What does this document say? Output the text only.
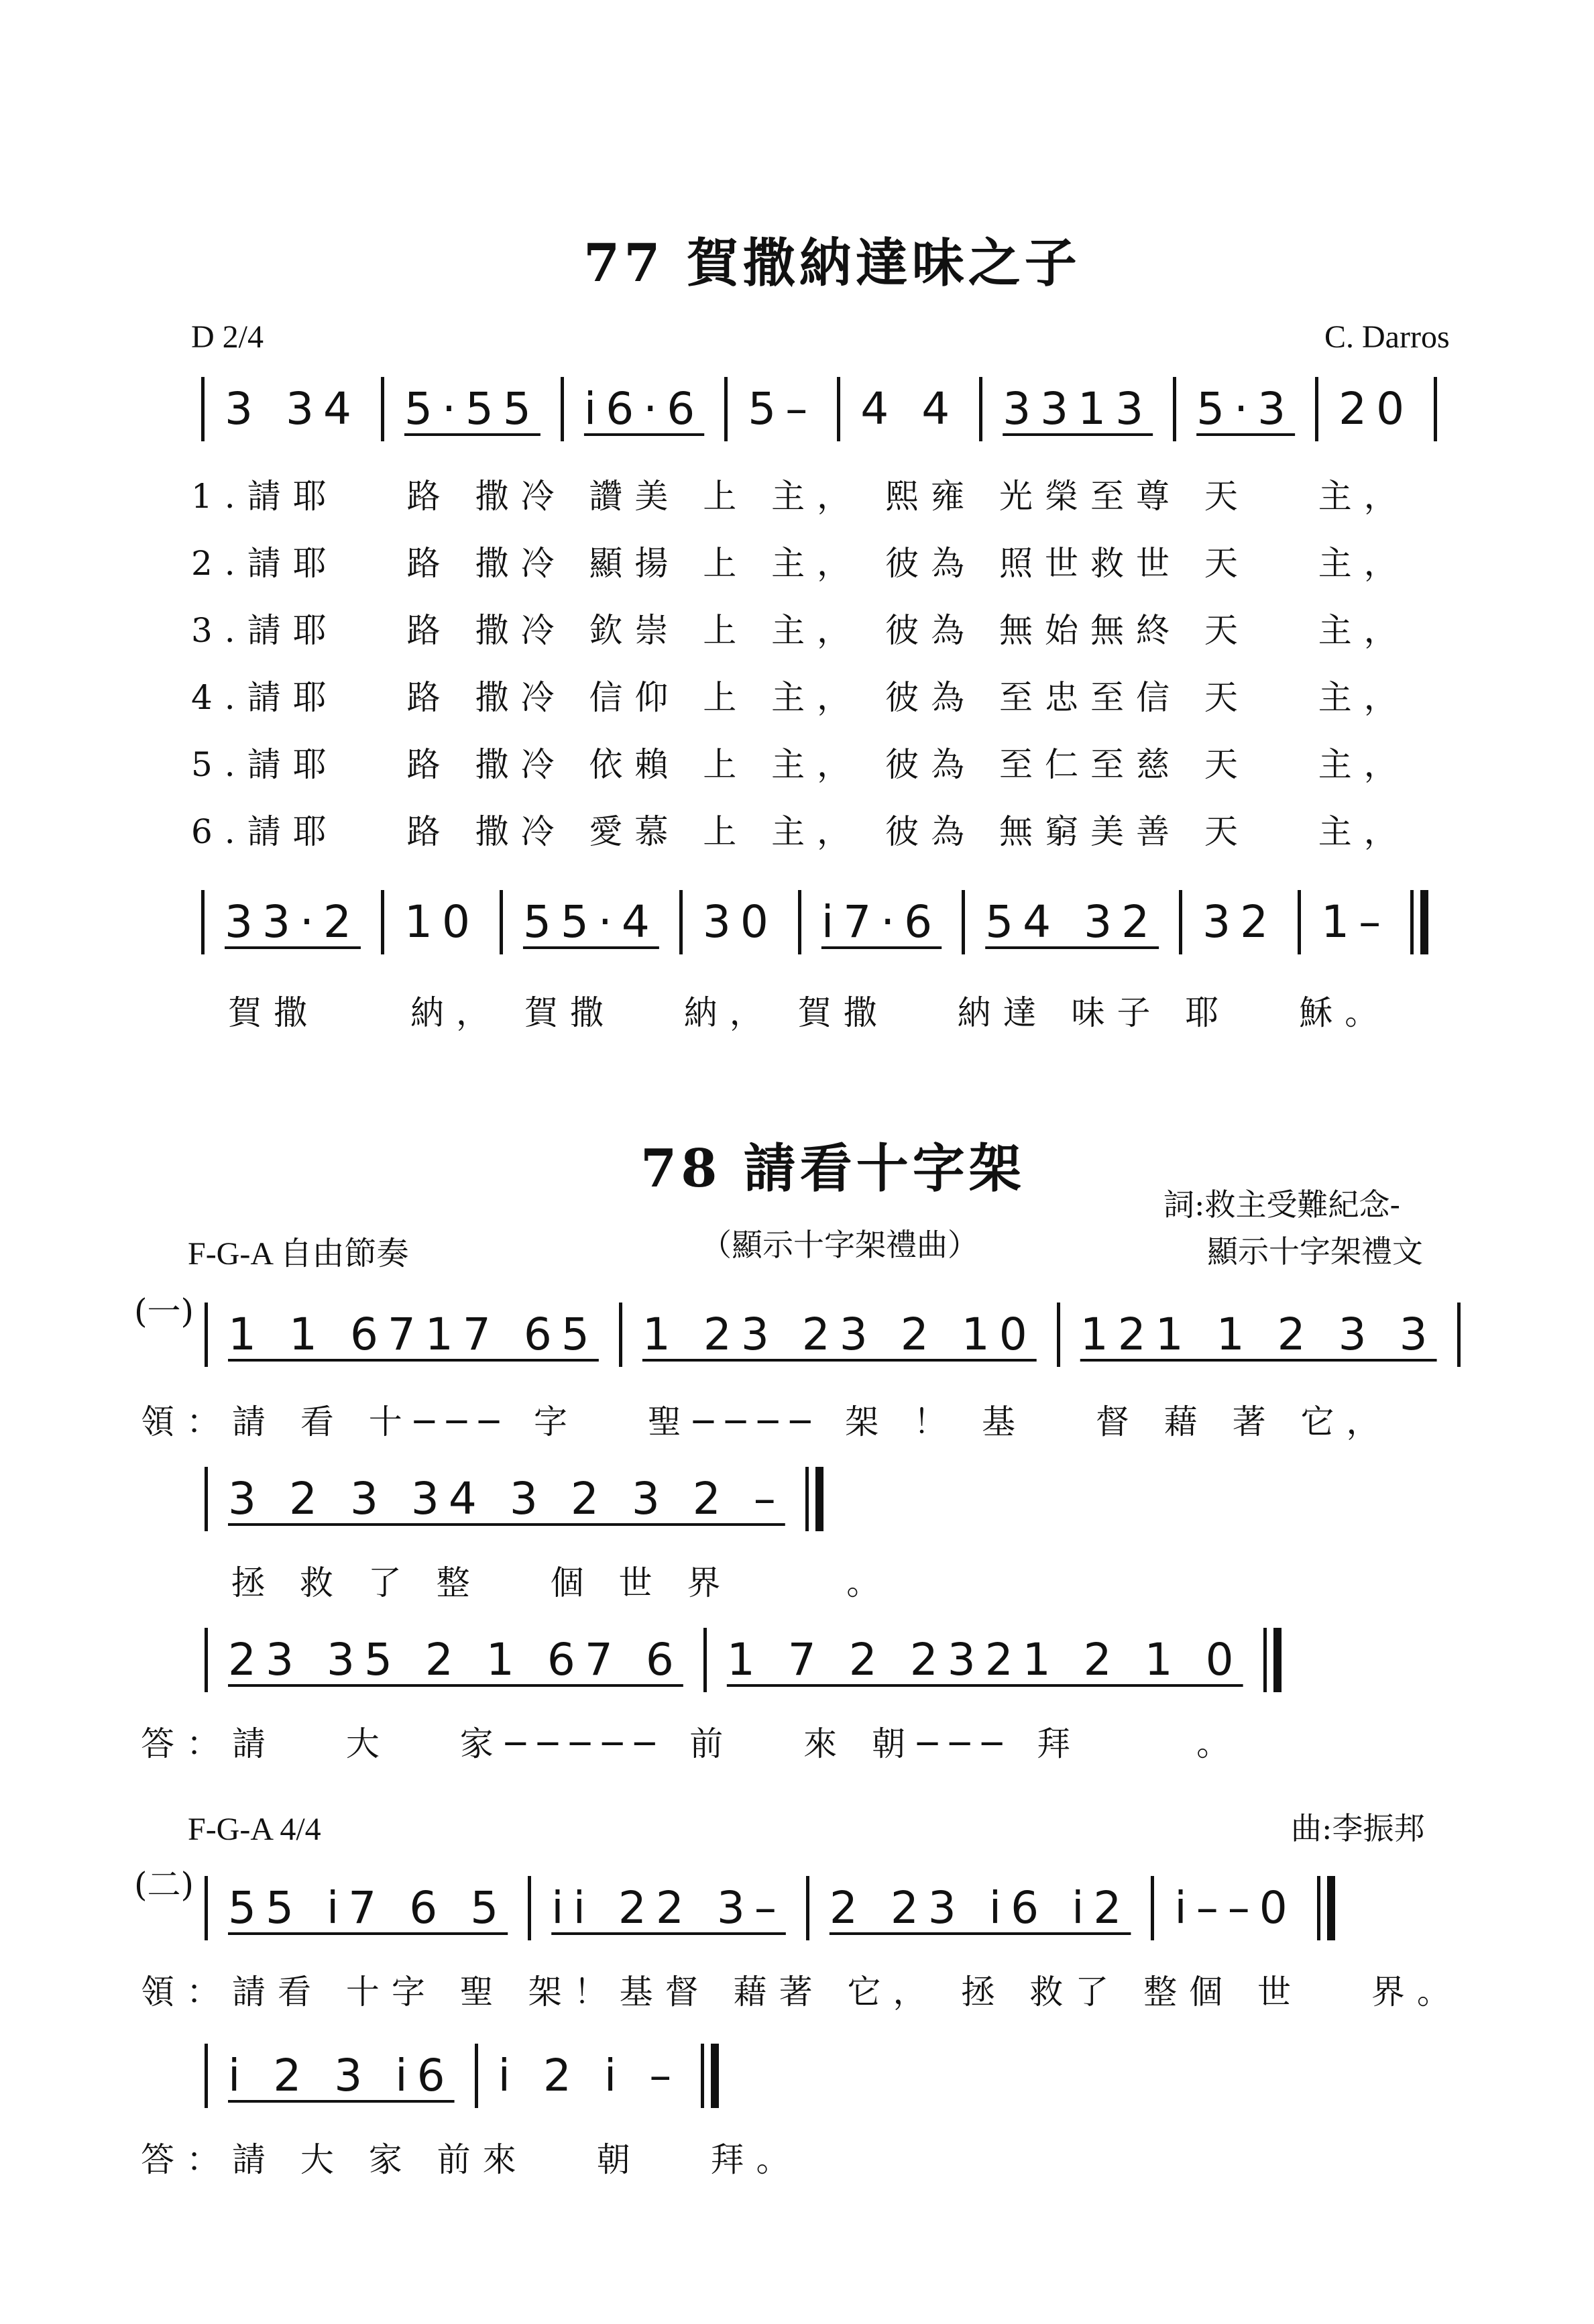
77 賀撒納達味之子
D 2/4	C. Darros
3 34 5·55 i6·6 5– 4 4 3313 5·3 20
1.請耶　 路 撒冷 讚美 上 主， 熙雍 光榮至尊 天　 主，
2.請耶　 路 撒冷 顯揚 上 主， 彼為 照世救世 天　 主，
3.請耶　 路 撒冷 欽崇 上 主， 彼為 無始無終 天　 主，
4.請耶　 路 撒冷 信仰 上 主， 彼為 至忠至信 天　 主，
5.請耶　 路 撒冷 依賴 上 主， 彼為 至仁至慈 天　 主，
6.請耶　 路 撒冷 愛慕 上 主， 彼為 無窮美善 天　 主，
33·2 10 55·4 30 i7·6 54 32 32 1–
賀撒　　納， 賀撒　 納， 賀撒　 納達 味子 耶　 穌。
78 請看十字架
詞:救主受難紀念-
（顯示十字架禮曲）
F-G-A 自由節奏	顯示十字架禮文
(一) 1 1 6717 65 1 23 23 2 10 121 1 2 3 3
領：請 看 十─── 字　 聖──── 架 ！ 基　 督 藉 著 它，
3 2 3 34 3 2 3 2 –
拯 救 了 整　 個 世 界　　 。
23 35 2 1 67 6 1 7 2 2321 2 1 0
答：請　 大　 家───── 前　 來 朝─── 拜　　 。
F-G-A 4/4	曲:李振邦
(二) 55 i7 6 5 ii 22 3– 2 23 i6 i2 i––0
領：請看 十字 聖 架！基督 藉著 它， 拯 救了 整個 世　 界。
i 2 3 i6 i 2 i –
答：請 大 家 前來　 朝　 拜。
